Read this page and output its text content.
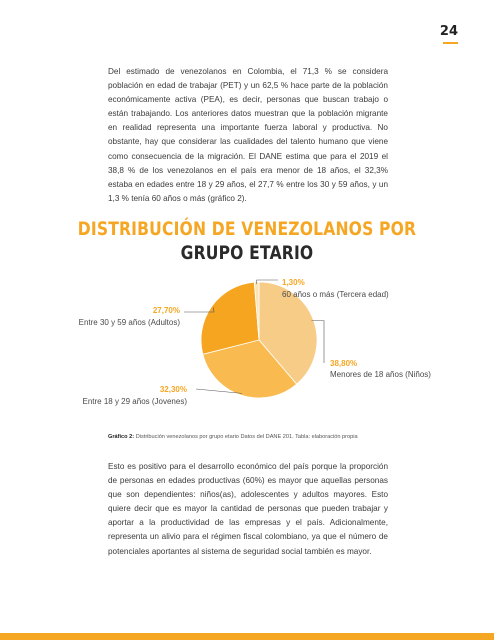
24

Del estimado de venezolanos en Colombia, el 71,3 % se considera población en edad de trabajar (PET) y un 62,5 % hace parte de la población económicamente activa (PEA), es decir, personas que buscan trabajo o están trabajando. Los anteriores datos muestran que la población migrante en realidad representa una importante fuerza laboral y productiva. No obstante, hay que considerar las cualidades del talento humano que viene como consecuencia de la migración. El DANE estima que para el 2019 el 38,8 % de los venezolanos en el país era menor de 18 años, el 32,3% estaba en edades entre 18 y 29 años, el 27,7 % entre los 30 y 59 años, y un 1,3 % tenía 60 años o más (gráfico 2).

DISTRIBUCIÓN DE VENEZOLANOS POR
GRUPO ETARIO
38,80%
Menores de 18 años (Niños)
32,30%
Entre 18 y 29 años (Jovenes)
27,70%
Entre 30 y 59 años (Adultos)
1,30%
60 años o más (Tercera edad)
Gráfico 2: Distribución venezolanos por grupo etario Datos del DANE 201. Tabla: elaboración propia

Esto es positivo para el desarrollo económico del país porque la proporción de personas en edades productivas (60%) es mayor que aquellas personas que son dependientes: niños(as), adolescentes y adultos mayores. Esto quiere decir que es mayor la cantidad de personas que pueden trabajar y aportar a la productividad de las empresas y el país. Adicionalmente, representa un alivio para el régimen fiscal colombiano, ya que el número de potenciales aportantes al sistema de seguridad social también es mayor.
